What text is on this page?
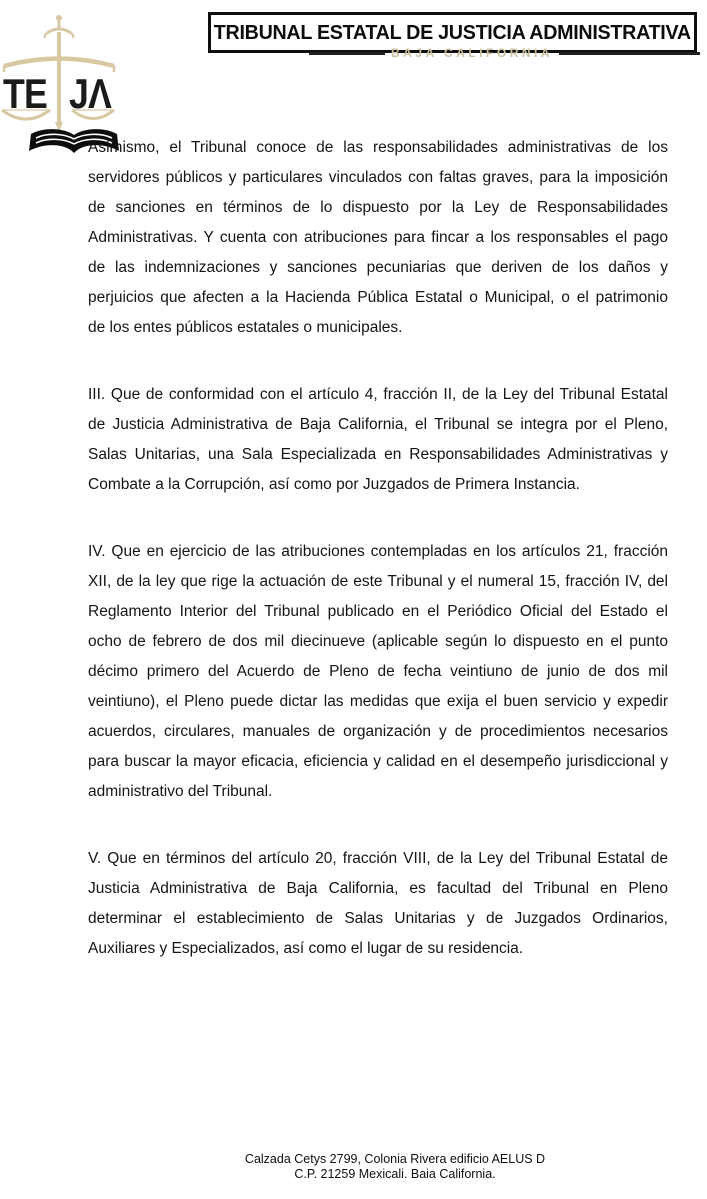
TE JΛ
TRIBUNAL ESTATAL DE JUSTICIA ADMINISTRATIVA
BAJA CALIFORNIA
Asimismo, el Tribunal conoce de las responsabilidades administrativas de los
servidores públicos y particulares vinculados con faltas graves, para la imposición
de sanciones en términos de lo dispuesto por la Ley de Responsabilidades
Administrativas. Y cuenta con atribuciones para fincar a los responsables el pago
de las indemnizaciones y sanciones pecuniarias que deriven de los daños y
perjuicios que afecten a la Hacienda Pública Estatal o Municipal, o el patrimonio
de los entes públicos estatales o municipales.
III. Que de conformidad con el artículo 4, fracción II, de la Ley del Tribunal Estatal
de Justicia Administrativa de Baja California, el Tribunal se integra por el Pleno,
Salas Unitarias, una Sala Especializada en Responsabilidades Administrativas y
Combate a la Corrupción, así como por Juzgados de Primera Instancia.
IV. Que en ejercicio de las atribuciones contempladas en los artículos 21, fracción
XII, de la ley que rige la actuación de este Tribunal y el numeral 15, fracción IV, del
Reglamento Interior del Tribunal publicado en el Periódico Oficial del Estado el
ocho de febrero de dos mil diecinueve (aplicable según lo dispuesto en el punto
décimo primero del Acuerdo de Pleno de fecha veintiuno de junio de dos mil
veintiuno), el Pleno puede dictar las medidas que exija el buen servicio y expedir
acuerdos, circulares, manuales de organización y de procedimientos necesarios
para buscar la mayor eficacia, eficiencia y calidad en el desempeño jurisdiccional y
administrativo del Tribunal.
V. Que en términos del artículo 20, fracción VIII, de la Ley del Tribunal Estatal de
Justicia Administrativa de Baja California, es facultad del Tribunal en Pleno
determinar el establecimiento de Salas Unitarias y de Juzgados Ordinarios,
Auxiliares y Especializados, así como el lugar de su residencia.
Calzada Cetys 2799, Colonia Rivera edificio AELUS D
C.P. 21259 Mexicali. Baia California.
